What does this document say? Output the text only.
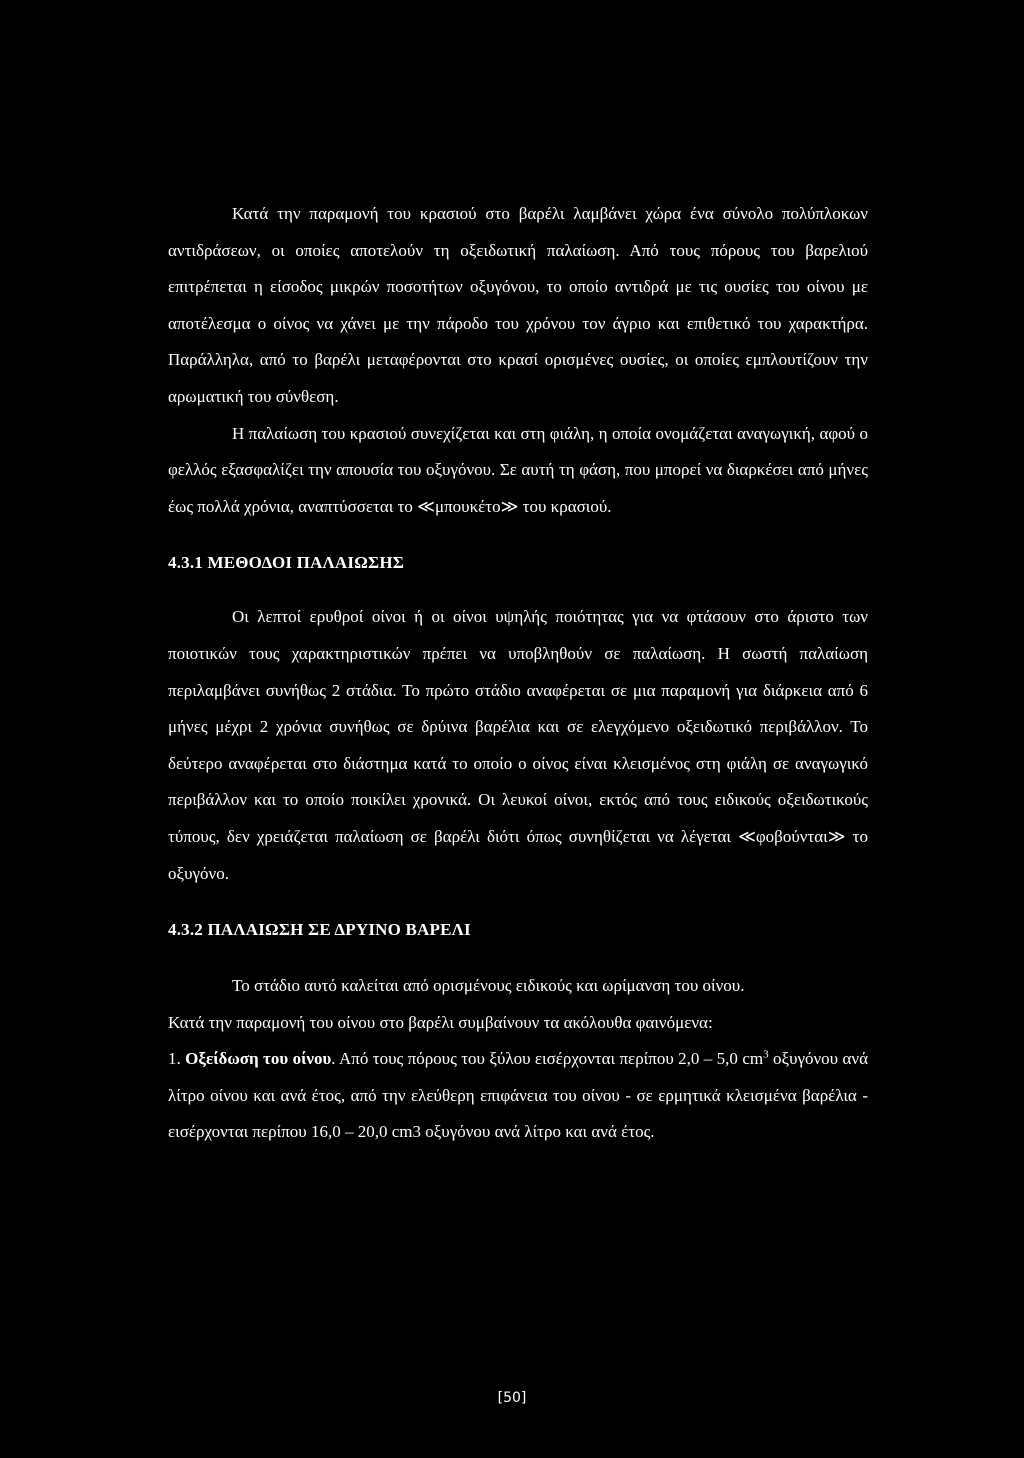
Κατά την παραμονή του κρασιού στο βαρέλι λαμβάνει χώρα ένα σύνολο πολύπλοκων αντιδράσεων, οι οποίες αποτελούν τη οξειδωτική παλαίωση. Από τους πόρους του βαρελιού επιτρέπεται η είσοδος μικρών ποσοτήτων οξυγόνου, το οποίο αντιδρά με τις ουσίες του οίνου με αποτέλεσμα ο οίνος να χάνει με την πάροδο του χρόνου τον άγριο και επιθετικό του χαρακτήρα. Παράλληλα, από το βαρέλι μεταφέρονται στο κρασί ορισμένες ουσίες, οι οποίες εμπλουτίζουν την αρωματική του σύνθεση.

Η παλαίωση του κρασιού συνεχίζεται και στη φιάλη, η οποία ονομάζεται αναγωγική, αφού ο φελλός εξασφαλίζει την απουσία του οξυγόνου. Σε αυτή τη φάση, που μπορεί να διαρκέσει από μήνες έως πολλά χρόνια, αναπτύσσεται το ≪μπουκέτο≫ του κρασιού.

4.3.1 ΜΕΘΟΔΟΙ ΠΑΛΑΙΩΣΗΣ

Οι λεπτοί ερυθροί οίνοι ή οι οίνοι υψηλής ποιότητας για να φτάσουν στο άριστο των ποιοτικών τους χαρακτηριστικών πρέπει να υποβληθούν σε παλαίωση. Η σωστή παλαίωση περιλαμβάνει συνήθως 2 στάδια. Το πρώτο στάδιο αναφέρεται σε μια παραμονή για διάρκεια από 6 μήνες μέχρι 2 χρόνια συνήθως σε δρύινα βαρέλια και σε ελεγχόμενο οξειδωτικό περιβάλλον. Το δεύτερο αναφέρεται στο διάστημα κατά το οποίο ο οίνος είναι κλεισμένος στη φιάλη σε αναγωγικό περιβάλλον και το οποίο ποικίλει χρονικά. Οι λευκοί οίνοι, εκτός από τους ειδικούς οξειδωτικούς τύπους, δεν χρειάζεται παλαίωση σε βαρέλι διότι όπως συνηθίζεται να λέγεται ≪φοβούνται≫ το οξυγόνο.

4.3.2 ΠΑΛΑΙΩΣΗ ΣΕ ΔΡΥΙΝΟ ΒΑΡΕΛΙ

Το στάδιο αυτό καλείται από ορισμένους ειδικούς και ωρίμανση του οίνου.

Κατά την παραμονή του οίνου στο βαρέλι συμβαίνουν τα ακόλουθα φαινόμενα:

1. Οξείδωση του οίνου. Από τους πόρους του ξύλου εισέρχονται περίπου 2,0 – 5,0 $cm^3$ οξυγόνου ανά λίτρο οίνου και ανά έτος, από την ελεύθερη επιφάνεια του οίνου - σε ερμητικά κλεισμένα βαρέλια - εισέρχονται περίπου 16,0 – 20,0 cm3 οξυγόνου ανά λίτρο και ανά έτος.

[50]
